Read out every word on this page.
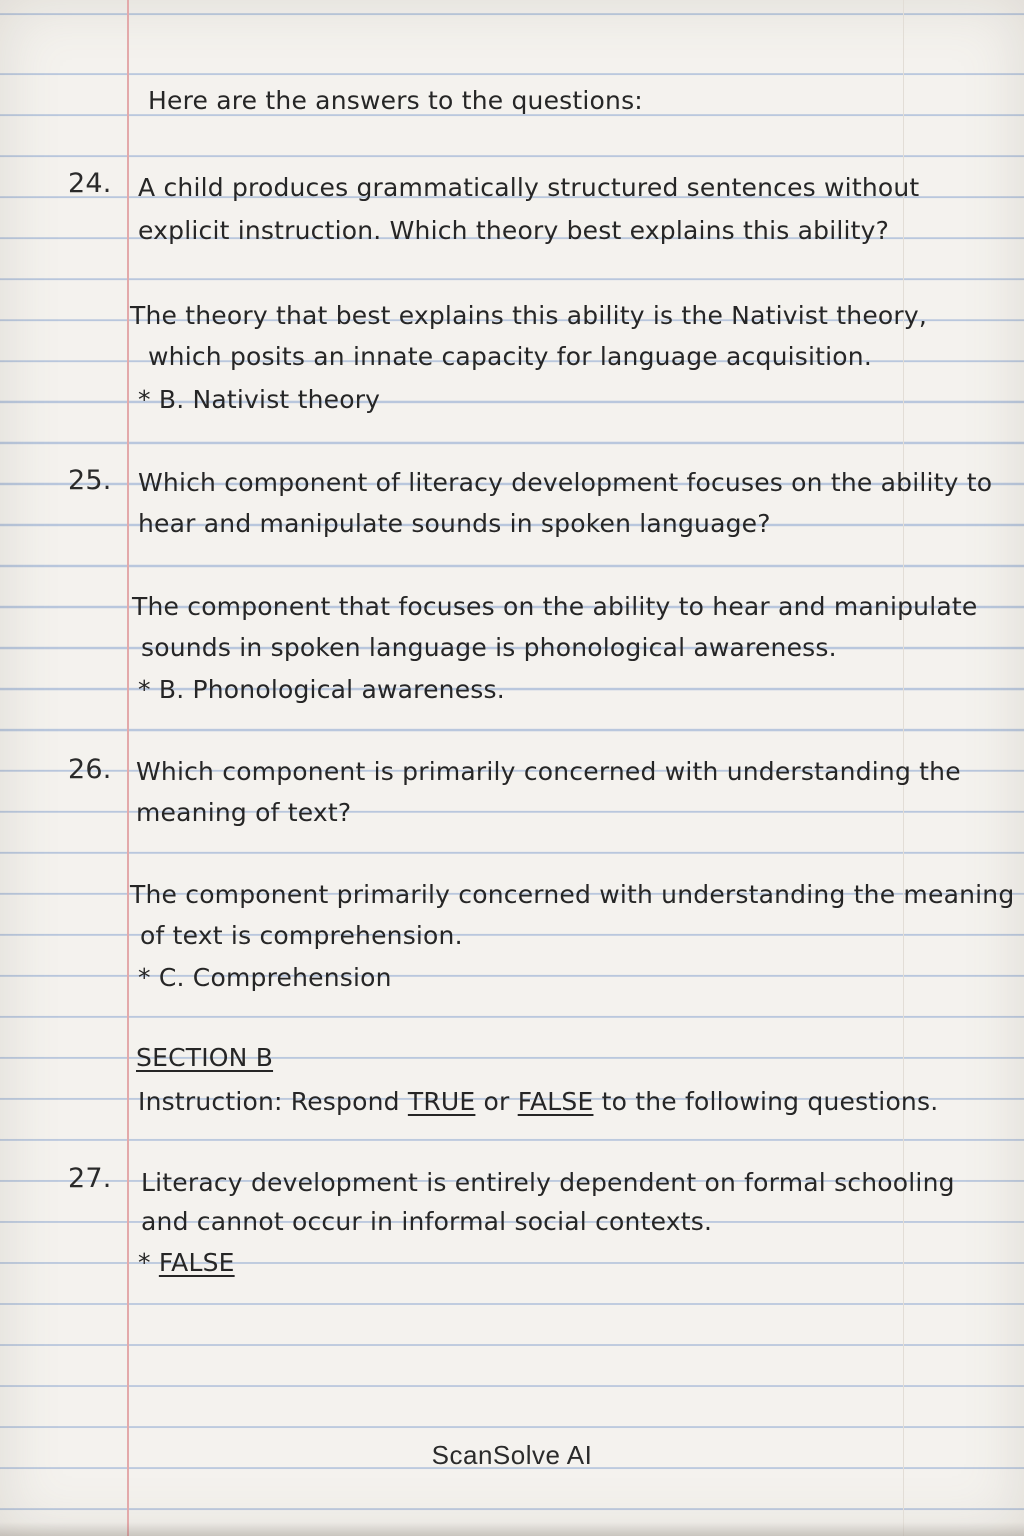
Here are the answers to the questions:

24. A child produces grammatically structured sentences without

explicit instruction. Which theory best explains this ability?

The theory that best explains this ability is the Nativist theory,

which posits an innate capacity for language acquisition.

* B. Nativist theory

25. Which component of literacy development focuses on the ability to

hear and manipulate sounds in spoken language?

The component that focuses on the ability to hear and manipulate

sounds in spoken language is phonological awareness.

* B. Phonological awareness.

26. Which component is primarily concerned with understanding the

meaning of text?

The component primarily concerned with understanding the meaning

of text is comprehension.

* C. Comprehension

SECTION B

Instruction: Respond TRUE or FALSE to the following questions.

27. Literacy development is entirely dependent on formal schooling

and cannot occur in informal social contexts.

* FALSE

ScanSolve AI
